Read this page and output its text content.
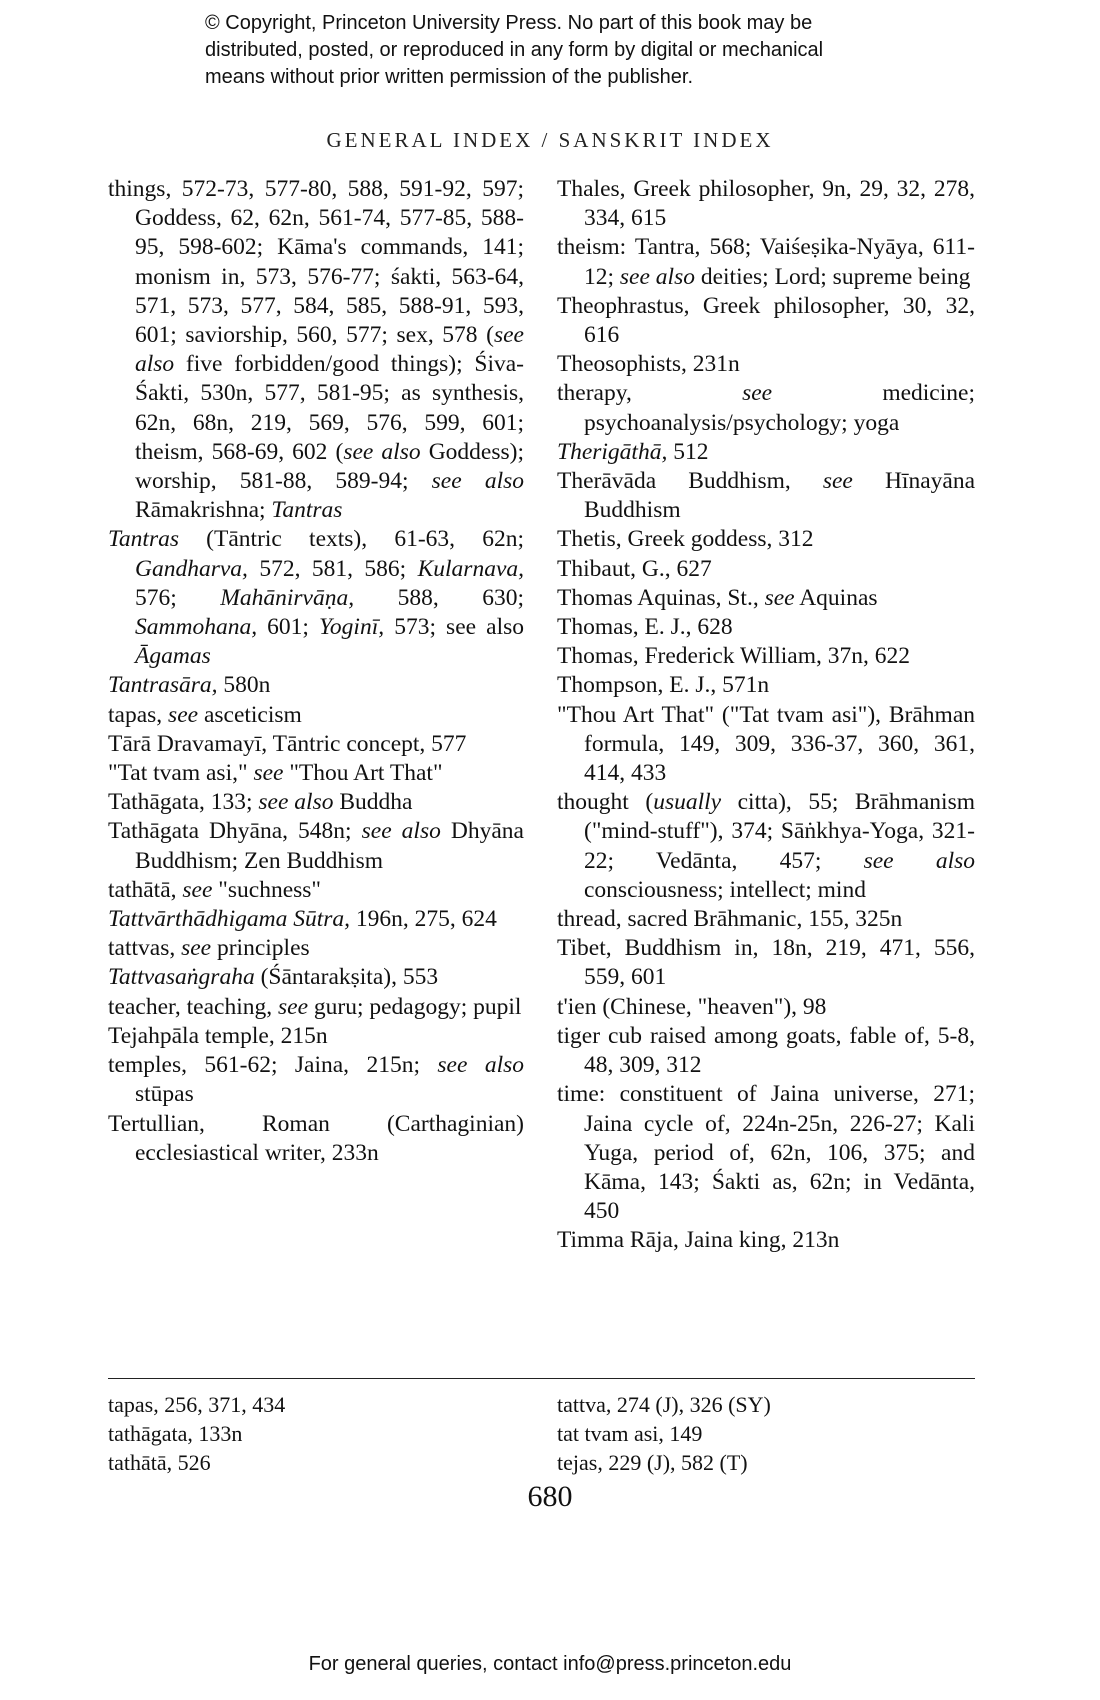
© Copyright, Princeton University Press. No part of this book may be
distributed, posted, or reproduced in any form by digital or mechanical
means without prior written permission of the publisher.
GENERAL INDEX / SANSKRIT INDEX

things, 572-73, 577-80, 588, 591-92, 597; Goddess, 62, 62n, 561-74, 577-85, 588-95, 598-602; Kāma's commands, 141; monism in, 573, 576-77; śakti, 563-64, 571, 573, 577, 584, 585, 588-91, 593, 601; saviorship, 560, 577; sex, 578 (see also five forbidden/good things); Śiva-Śakti, 530n, 577, 581-95; as synthesis, 62n, 68n, 219, 569, 576, 599, 601; theism, 568-69, 602 (see also Goddess); worship, 581-88, 589-94; see also Rāmakrishna; Tantras

Tantras (Tāntric texts), 61-63, 62n; Gandharva, 572, 581, 586; Kularnava, 576; Mahānirvāṇa, 588, 630; Sammohana, 601; Yoginī, 573; see also Āgamas

Tantrasāra, 580n

tapas, see asceticism

Tārā Dravamayī, Tāntric concept, 577

"Tat tvam asi," see "Thou Art That"

Tathāgata, 133; see also Buddha

Tathāgata Dhyāna, 548n; see also Dhyāna Buddhism; Zen Buddhism

tathātā, see "suchness"

Tattvārthādhigama Sūtra, 196n, 275, 624

tattvas, see principles

Tattvasaṅgraha (Śāntarakṣita), 553

teacher, teaching, see guru; pedagogy; pupil

Tejahpāla temple, 215n

temples, 561-62; Jaina, 215n; see also stūpas

Tertullian, Roman (Carthaginian) ecclesiastical writer, 233n

Thales, Greek philosopher, 9n, 29, 32, 278, 334, 615

theism: Tantra, 568; Vaiśeṣika-Nyāya, 611-12; see also deities; Lord; supreme being

Theophrastus, Greek philosopher, 30, 32, 616

Theosophists, 231n

therapy, see medicine; psychoanalysis/psychology; yoga

Therigāthā, 512

Therāvāda Buddhism, see Hīnayāna Buddhism

Thetis, Greek goddess, 312

Thibaut, G., 627

Thomas Aquinas, St., see Aquinas

Thomas, E. J., 628

Thomas, Frederick William, 37n, 622

Thompson, E. J., 571n

"Thou Art That" ("Tat tvam asi"), Brāhman formula, 149, 309, 336-37, 360, 361, 414, 433

thought (usually citta), 55; Brāhmanism ("mind-stuff"), 374; Sāṅkhya-Yoga, 321-22; Vedānta, 457; see also consciousness; intellect; mind

thread, sacred Brāhmanic, 155, 325n

Tibet, Buddhism in, 18n, 219, 471, 556, 559, 601

t'ien (Chinese, "heaven"), 98

tiger cub raised among goats, fable of, 5-8, 48, 309, 312

time: constituent of Jaina universe, 271; Jaina cycle of, 224n-25n, 226-27; Kali Yuga, period of, 62n, 106, 375; and Kāma, 143; Śakti as, 62n; in Vedānta, 450

Timma Rāja, Jaina king, 213n

tapas, 256, 371, 434
tathāgata, 133n
tathātā, 526
tattva, 274 (J), 326 (SY)
tat tvam asi, 149
tejas, 229 (J), 582 (T)
680
For general queries, contact info@press.princeton.edu
